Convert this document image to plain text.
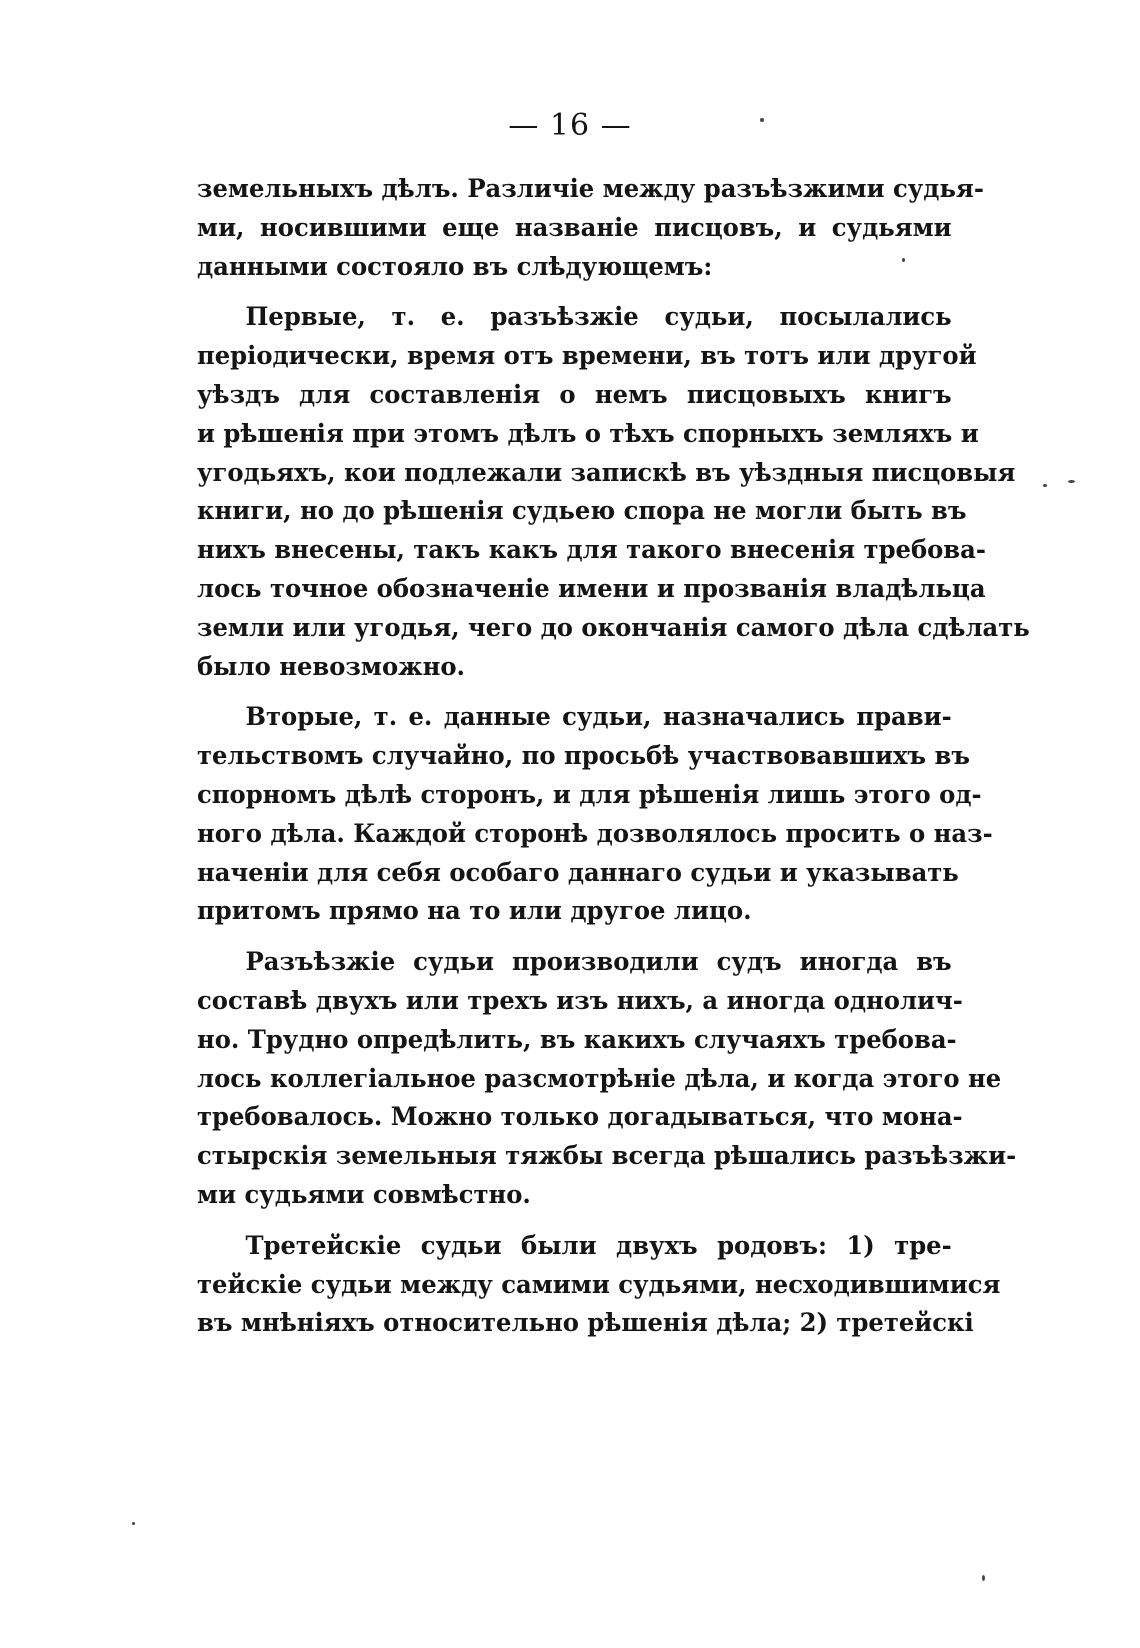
— 16 —
земельныхъ дѣлъ. Различіе между разъѣзжими судья-
ми, носившими еще названіе писцовъ, и судьями
данными состояло въ слѣдующемъ:
Первые, т. е. разъѣзжіе судьи, посылались
періодически, время отъ времени, въ тотъ или другой
уѣздъ для составленія о немъ писцовыхъ книгъ
и рѣшенія при этомъ дѣлъ о тѣхъ спорныхъ земляхъ и
угодьяхъ, кои подлежали запискѣ въ уѣздныя писцовыя
книги, но до рѣшенія судьею спора не могли быть въ
нихъ внесены, такъ какъ для такого внесенія требова-
лось точное обозначеніе имени и прозванія владѣльца
земли или угодья, чего до окончанія самого дѣла сдѣлать
было невозможно.
Вторые, т. е. данные судьи, назначались прави-
тельствомъ случайно, по просьбѣ участвовавшихъ въ
спорномъ дѣлѣ сторонъ, и для рѣшенія лишь этого од-
ного дѣла. Каждой сторонѣ дозволялось просить о наз-
наченіи для себя особаго даннаго судьи и указывать
притомъ прямо на то или другое лицо.
Разъѣзжіе судьи производили судъ иногда въ
составѣ двухъ или трехъ изъ нихъ, а иногда однолич-
но. Трудно опредѣлить, въ какихъ случаяхъ требова-
лось коллегіальное разсмотрѣніе дѣла, и когда этого не
требовалось. Можно только догадываться, что мона-
стырскія земельныя тяжбы всегда рѣшались разъѣзжи-
ми судьями совмѣстно.
Третейскіе судьи были двухъ родовъ: 1) тре-
тейскіе судьи между самими судьями, несходившимися
въ мнѣніяхъ относительно рѣшенія дѣла; 2) третейскі
